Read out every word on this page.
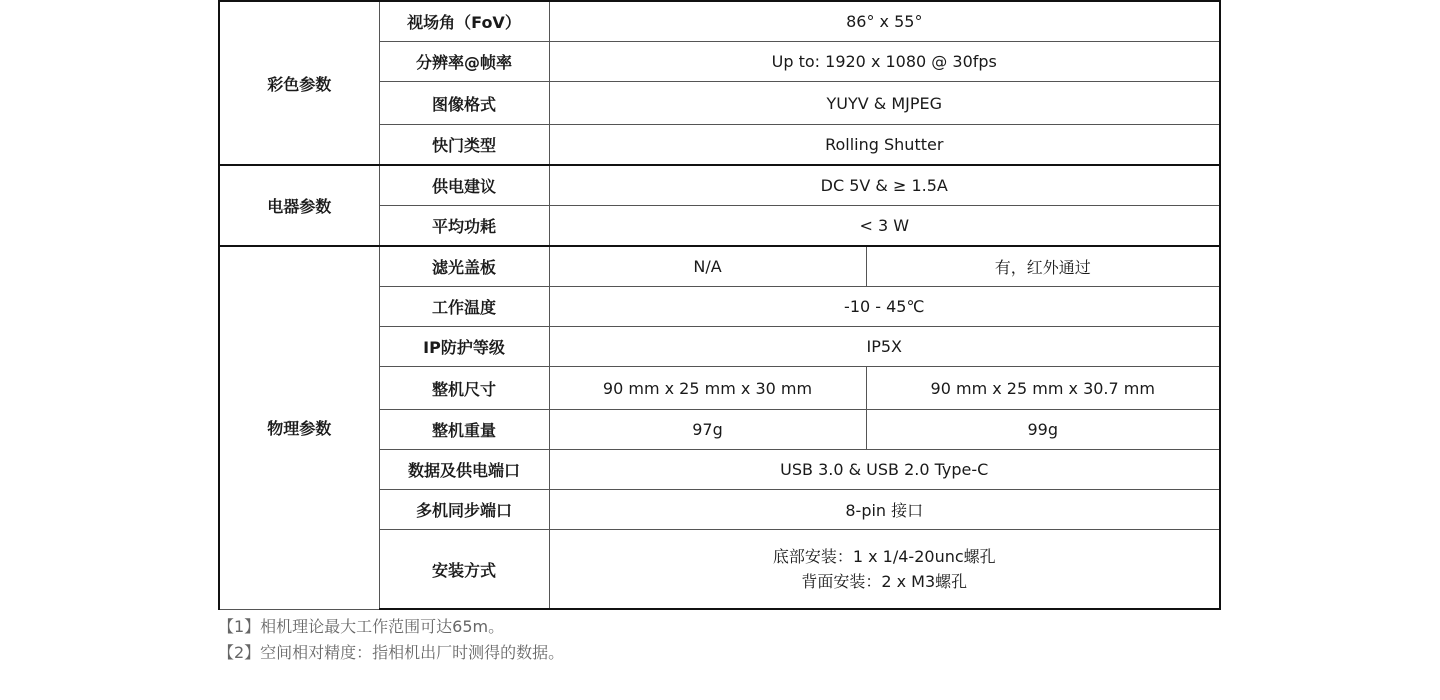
彩色参数	视场角（FoV）	86° x 55°	
	分辨率@帧率	Up to: 1920 x 1080 @ 30fps	
	图像格式	YUYV & MJPEG	
	快门类型	Rolling Shutter	
电器参数	供电建议	DC 5V & ≥ 1.5A	
	平均功耗	< 3 W	
物理参数	滤光盖板	N/A	有，红外通过
	工作温度	-10 - 45℃	
	IP防护等级	IP5X	
	整机尺寸	90 mm x 25 mm x 30 mm	90 mm x 25 mm x 30.7 mm
	整机重量	97g	99g
	数据及供电端口	USB 3.0 & USB 2.0 Type-C	
	多机同步端口	8-pin 接口	
	安装方式	底部安装：1 x 1/4-20unc螺孔
背面安装：2 x M3螺孔	
【1】相机理论最大工作范围可达65m。
【2】空间相对精度：指相机出厂时测得的数据。
